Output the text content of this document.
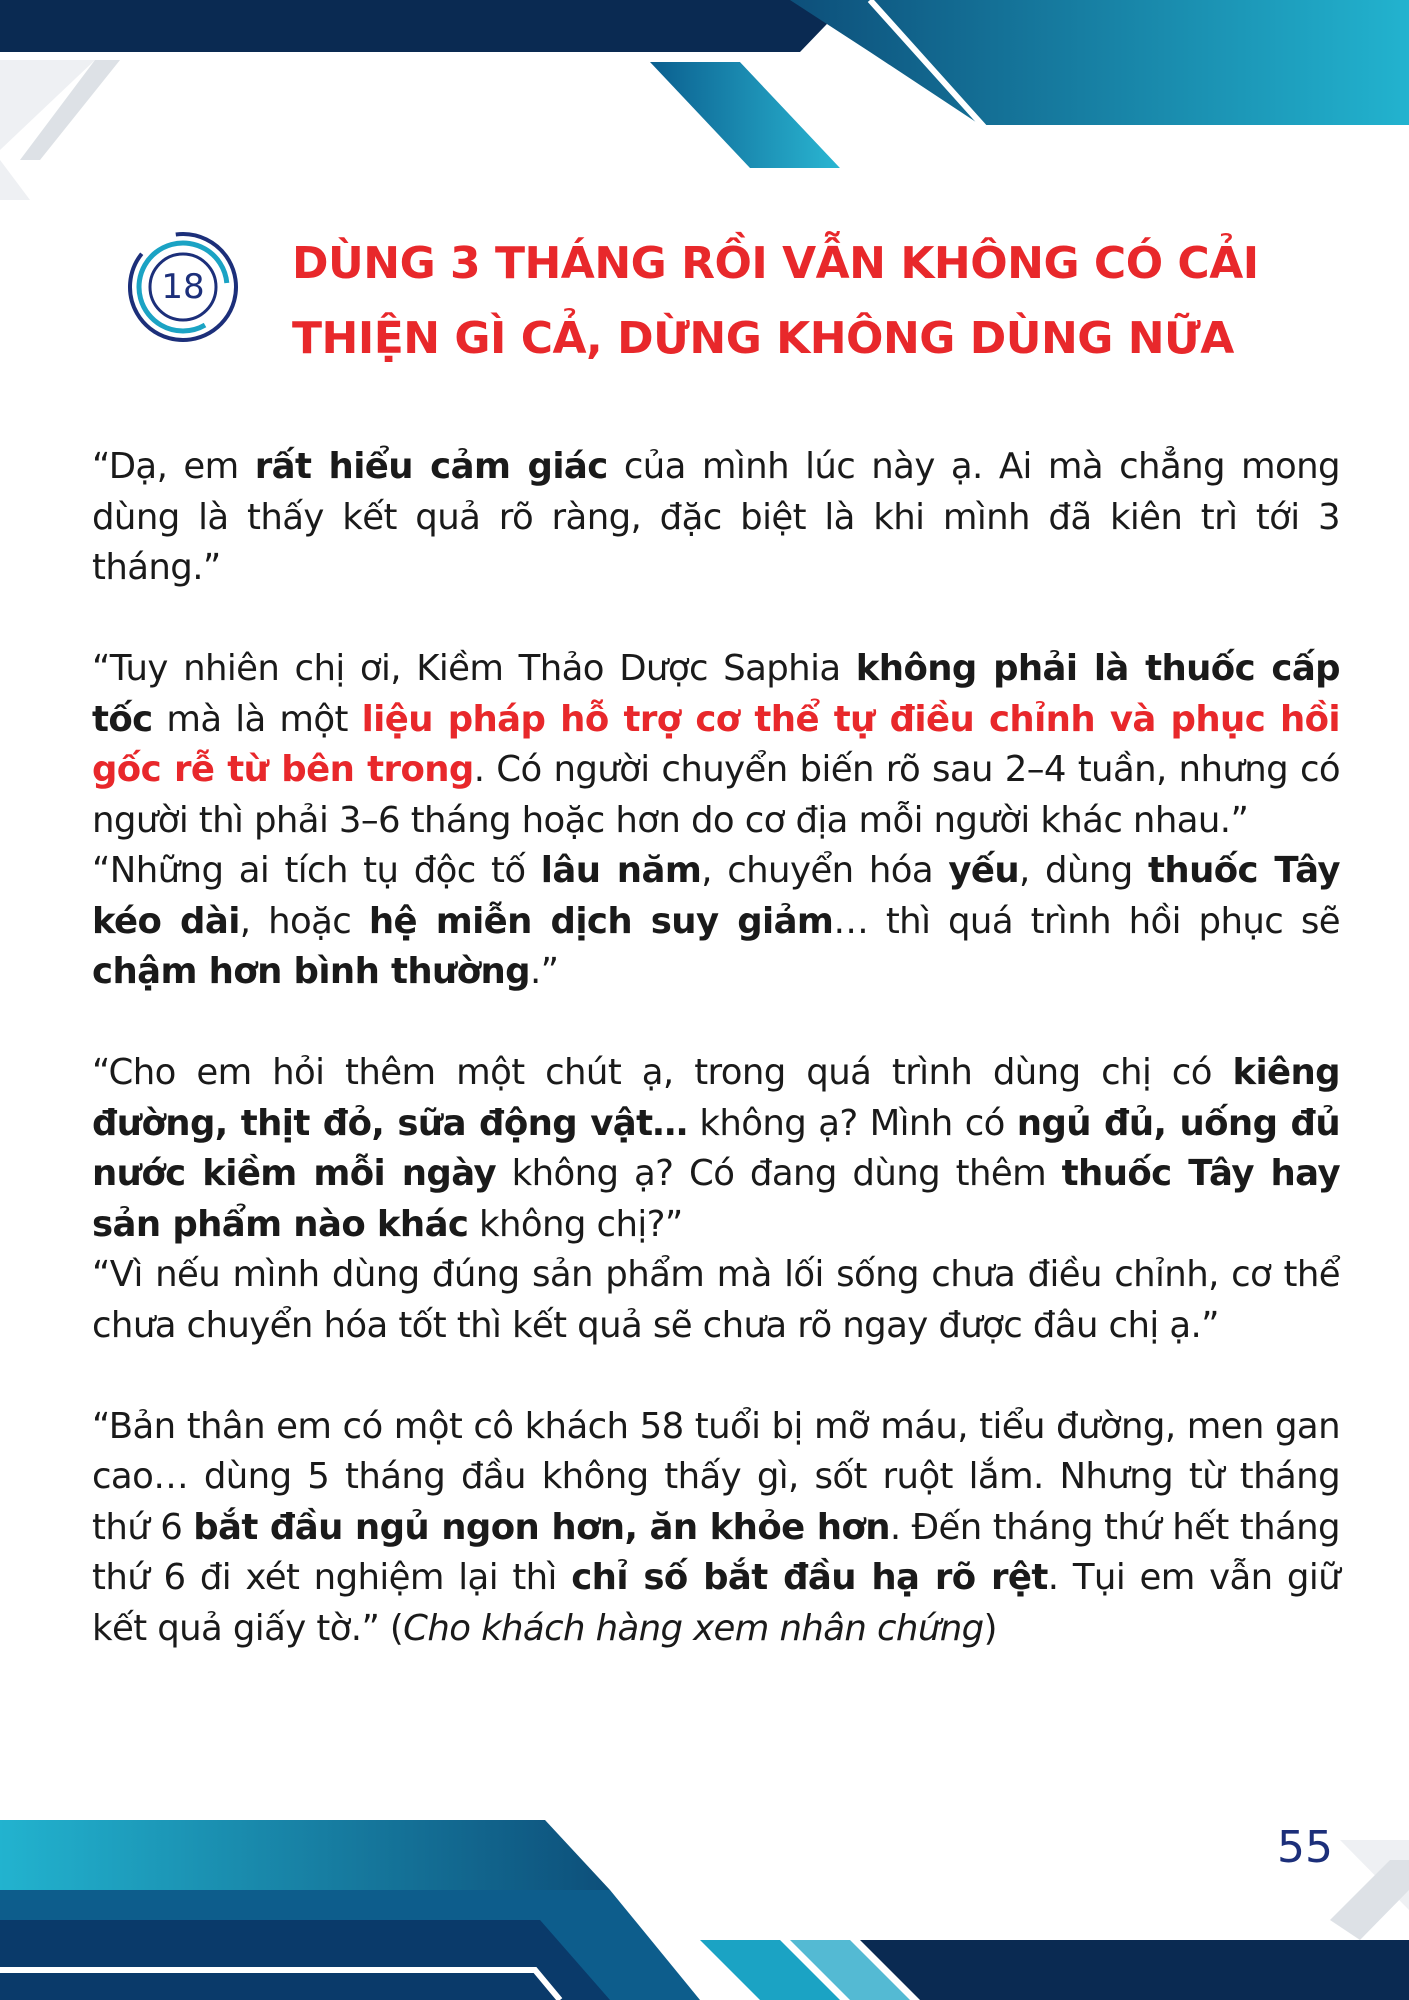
18	DÙNG 3 THÁNG RỒI VẪN KHÔNG CÓ CẢI
THIỆN GÌ CẢ, DỪNG KHÔNG DÙNG NỮA

“Dạ, em rất hiểu cảm giác của mình lúc này ạ. Ai mà chẳng mong dùng là thấy kết quả rõ ràng, đặc biệt là khi mình đã kiên trì tới 3 tháng.”

“Tuy nhiên chị ơi, Kiềm Thảo Dược Saphia không phải là thuốc cấp tốc mà là một liệu pháp hỗ trợ cơ thể tự điều chỉnh và phục hồi gốc rễ từ bên trong. Có người chuyển biến rõ sau 2–4 tuần, nhưng có người thì phải 3–6 tháng hoặc hơn do cơ địa mỗi người khác nhau.”

“Những ai tích tụ độc tố lâu năm, chuyển hóa yếu, dùng thuốc Tây kéo dài, hoặc hệ miễn dịch suy giảm… thì quá trình hồi phục sẽ chậm hơn bình thường.”

“Cho em hỏi thêm một chút ạ, trong quá trình dùng chị có kiêng đường, thịt đỏ, sữa động vật… không ạ? Mình có ngủ đủ, uống đủ nước kiềm mỗi ngày không ạ? Có đang dùng thêm thuốc Tây hay sản phẩm nào khác không chị?”

“Vì nếu mình dùng đúng sản phẩm mà lối sống chưa điều chỉnh, cơ thể chưa chuyển hóa tốt thì kết quả sẽ chưa rõ ngay được đâu chị ạ.”

“Bản thân em có một cô khách 58 tuổi bị mỡ máu, tiểu đường, men gan cao… dùng 5 tháng đầu không thấy gì, sốt ruột lắm. Nhưng từ tháng thứ 6 bắt đầu ngủ ngon hơn, ăn khỏe hơn. Đến tháng thứ hết tháng thứ 6 đi xét nghiệm lại thì chỉ số bắt đầu hạ rõ rệt. Tụi em vẫn giữ kết quả giấy tờ.” (Cho khách hàng xem nhân chứng)

55
